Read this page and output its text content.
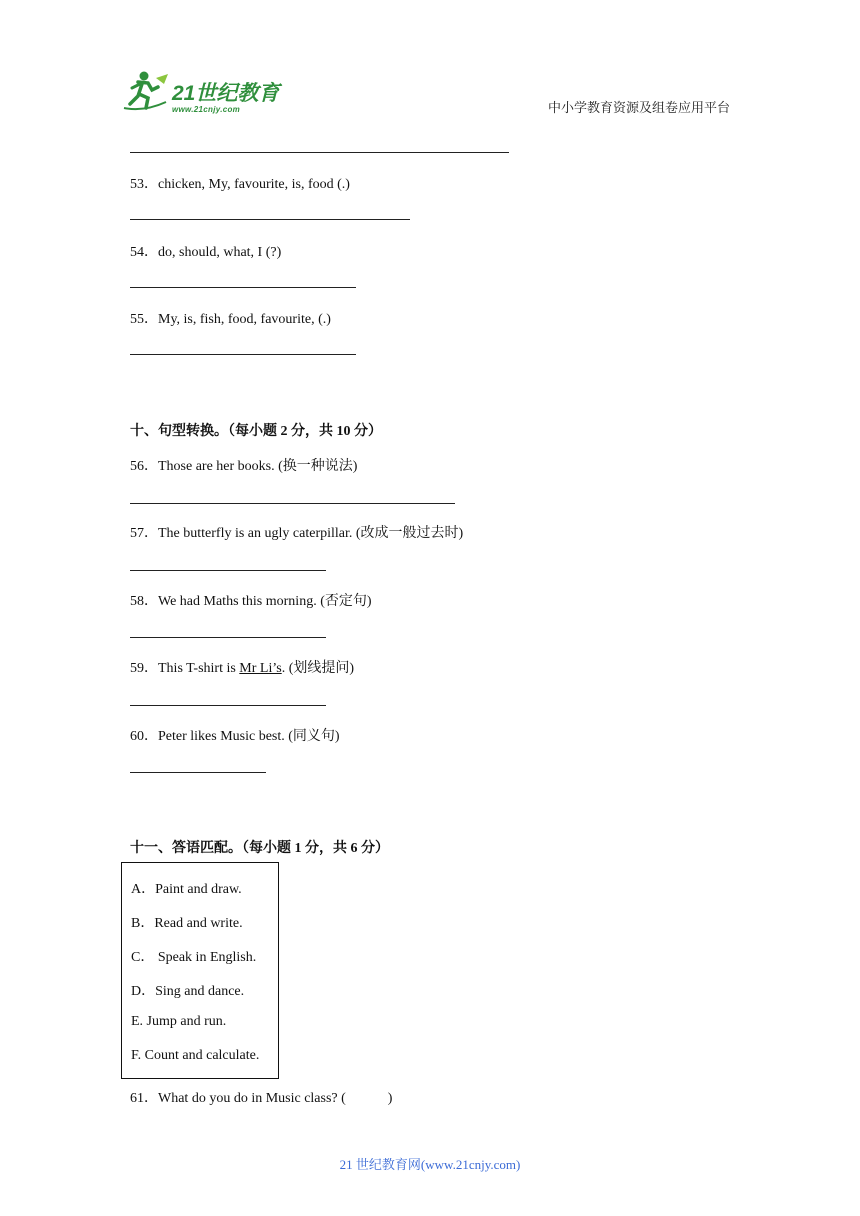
21世纪教育
www.21cnjy.com	中小学教育资源及组卷应用平台
53．chicken, My, favourite, is, food (.)
54．do, should, what, I (?)
55．My, is, fish, food, favourite, (.)
十、句型转换。（每小题 2 分，共 10 分）
56．Those are her books. (换一种说法)
57．The butterfly is an ugly caterpillar. (改成一般过去时)
58．We had Maths this morning. (否定句)
59．This T-shirt is Mr Li’s. (划线提问)
60．Peter likes Music best. (同义句)
十一、答语匹配。（每小题 1 分，共 6 分）
A．Paint and draw.
B．Read and write.
C． Speak in English.
D．Sing and dance.
E. Jump and run.
F. Count and calculate.
61．What do you do in Music class? (            )
21 世纪教育网(www.21cnjy.com)
